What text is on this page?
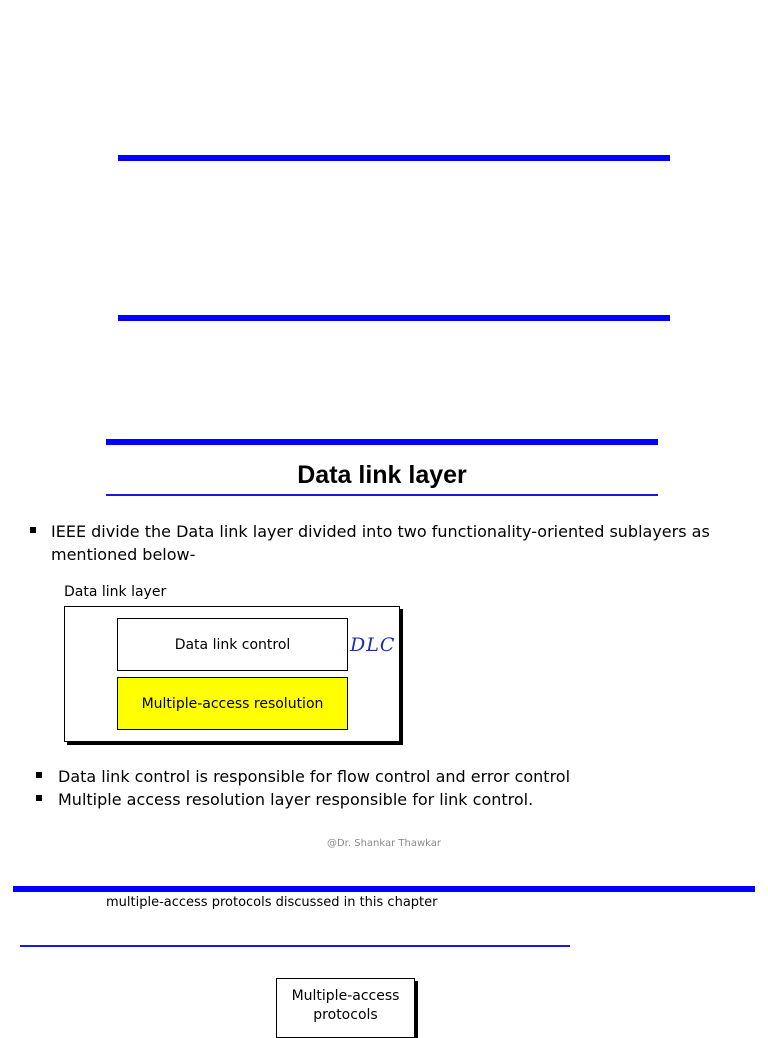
Data link layer
IEEE divide the Data link layer divided into two functionality-oriented sublayers as
mentioned below-
Data link layer
Data link control
Multiple-access resolution
DLC
Data link control is responsible for flow control and error control
Multiple access resolution layer responsible for link control.
@Dr. Shankar Thawkar
multiple-access protocols discussed in this chapter
Multiple-access
protocols
